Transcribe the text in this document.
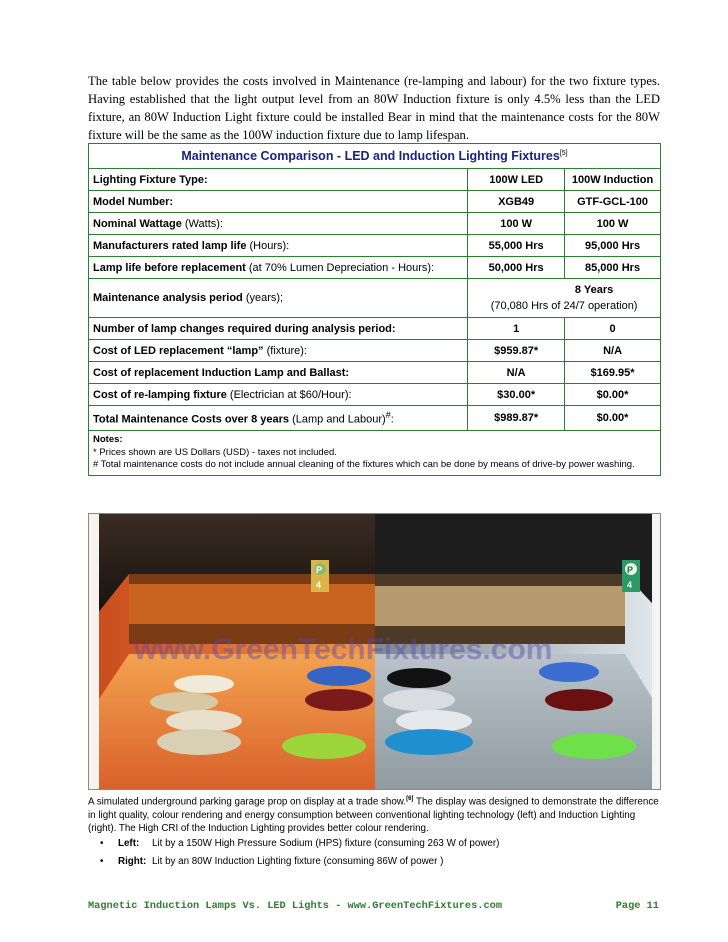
The table below provides the costs involved in Maintenance (re-lamping and labour) for the two fixture types. Having established that the light output level from an 80W Induction fixture is only 4.5% less than the LED fixture, an 80W Induction Light fixture could be installed Bear in mind that the maintenance costs for the 80W fixture will be the same as the 100W induction fixture due to lamp lifespan.
Maintenance Comparison - LED and Induction Lighting Fixtures[5]
Lighting Fixture Type:	100W LED	100W Induction
Model Number:	XGB49	GTF-GCL-100
Nominal Wattage (Watts):	100 W	100 W
Manufacturers rated lamp life (Hours):	55,000 Hrs	95,000 Hrs
Lamp life before replacement (at 70% Lumen Depreciation - Hours):	50,000 Hrs	85,000 Hrs
Maintenance analysis period (years);	8 Years
(70,080 Hrs of 24/7 operation)	

Number of lamp changes required during analysis period:	1	0
Cost of LED replacement “lamp” (fixture):	$959.87*	N/A
Cost of replacement Induction Lamp and Ballast:	N/A	$169.95*
Cost of re-lamping fixture (Electrician at $60/Hour):	$30.00*	$0.00*
Total Maintenance Costs over 8 years (Lamp and Labour)#:	$989.87*	$0.00*

Notes:
* Prices shown are US Dollars (USD) - taxes not included.
# Total maintenance costs do not include annual cleaning of the fixtures which can be done by means of drive-by power washing.		
www.GreenTechFixtures.com
P
4
P
4
A simulated underground parking garage prop on display at a trade show.[6] The display was designed to demonstrate the difference in light quality, colour rendering and energy consumption between conventional lighting technology (left) and Induction Lighting (right). The High CRI of the Induction Lighting provides better colour rendering.
• Left: Lit by a 150W High Pressure Sodium (HPS) fixture (consuming 263 W of power)
• Right: Lit by an 80W Induction Lighting fixture (consuming 86W of power )
Magnetic Induction Lamps Vs. LED Lights - www.GreenTechFixtures.com	Page 11
